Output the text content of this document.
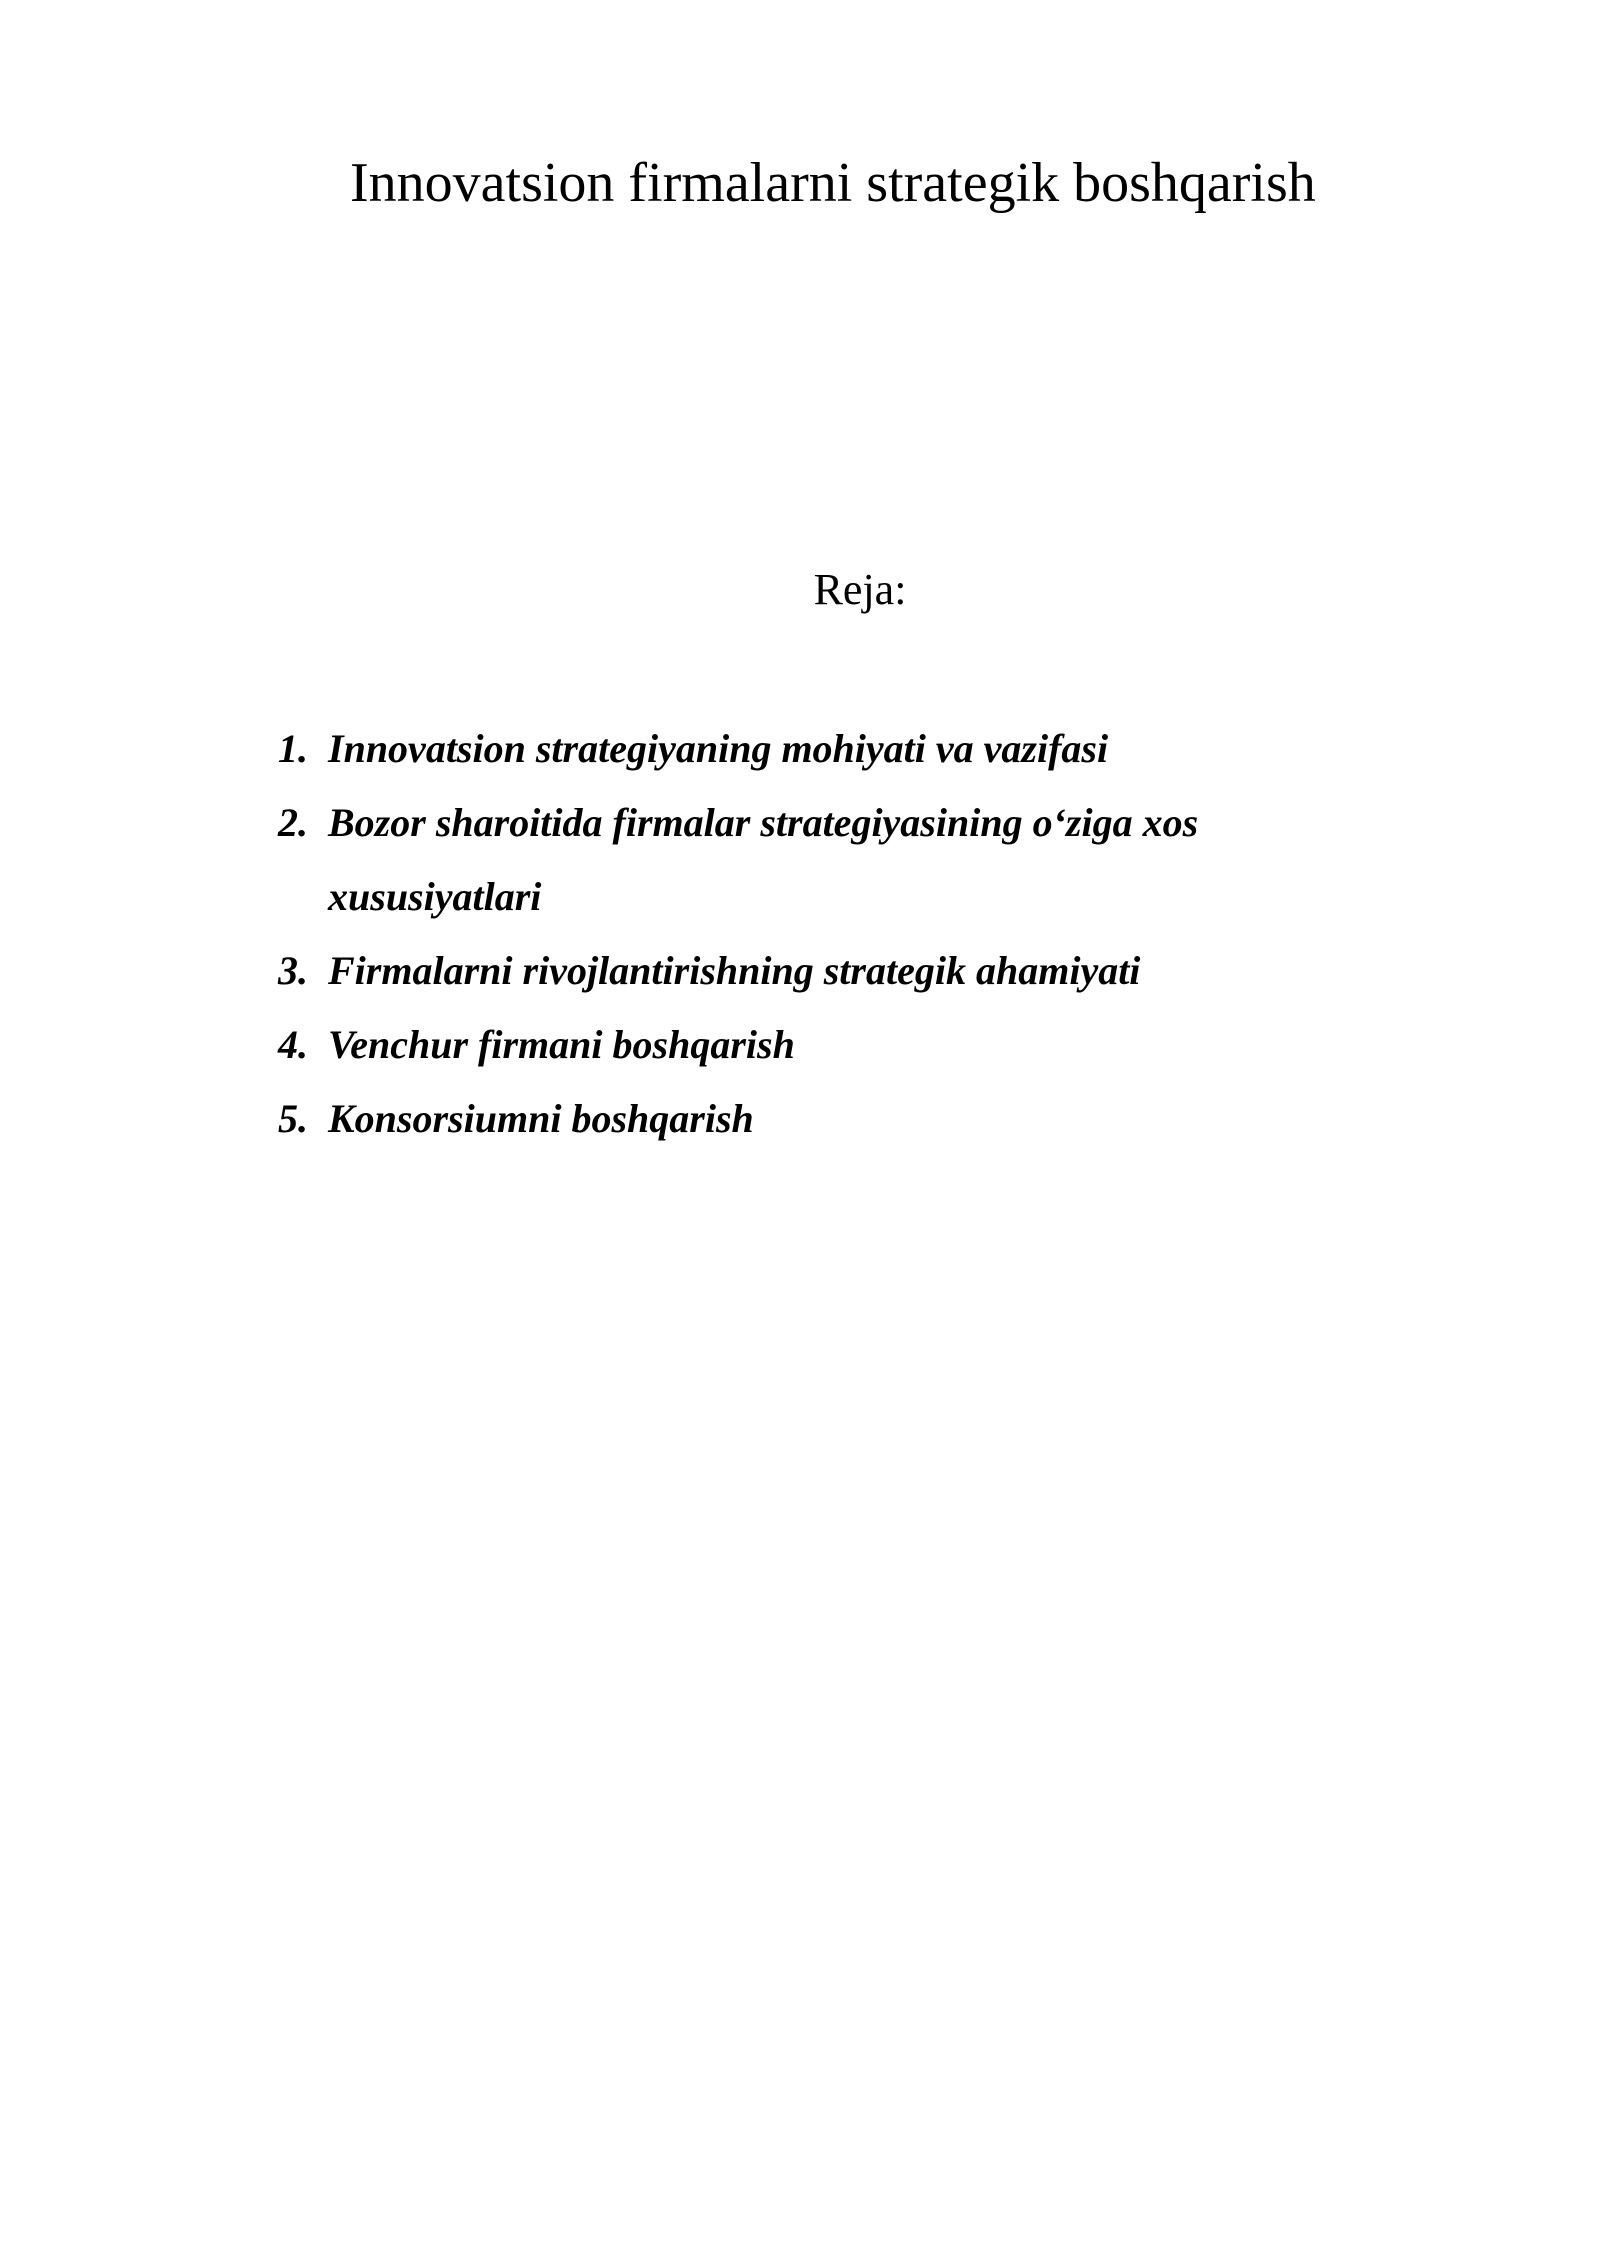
Innovatsion firmalarni strategik boshqarish
Reja:
1. Innovatsion strategiyaning mohiyati va vazifasi
2. Bozor sharoitida firmalar strategiyasining o‘ziga xos xususiyatlari
3. Firmalarni rivojlantirishning strategik ahamiyati
4. Venchur firmani boshqarish
5. Konsorsiumni boshqarish
